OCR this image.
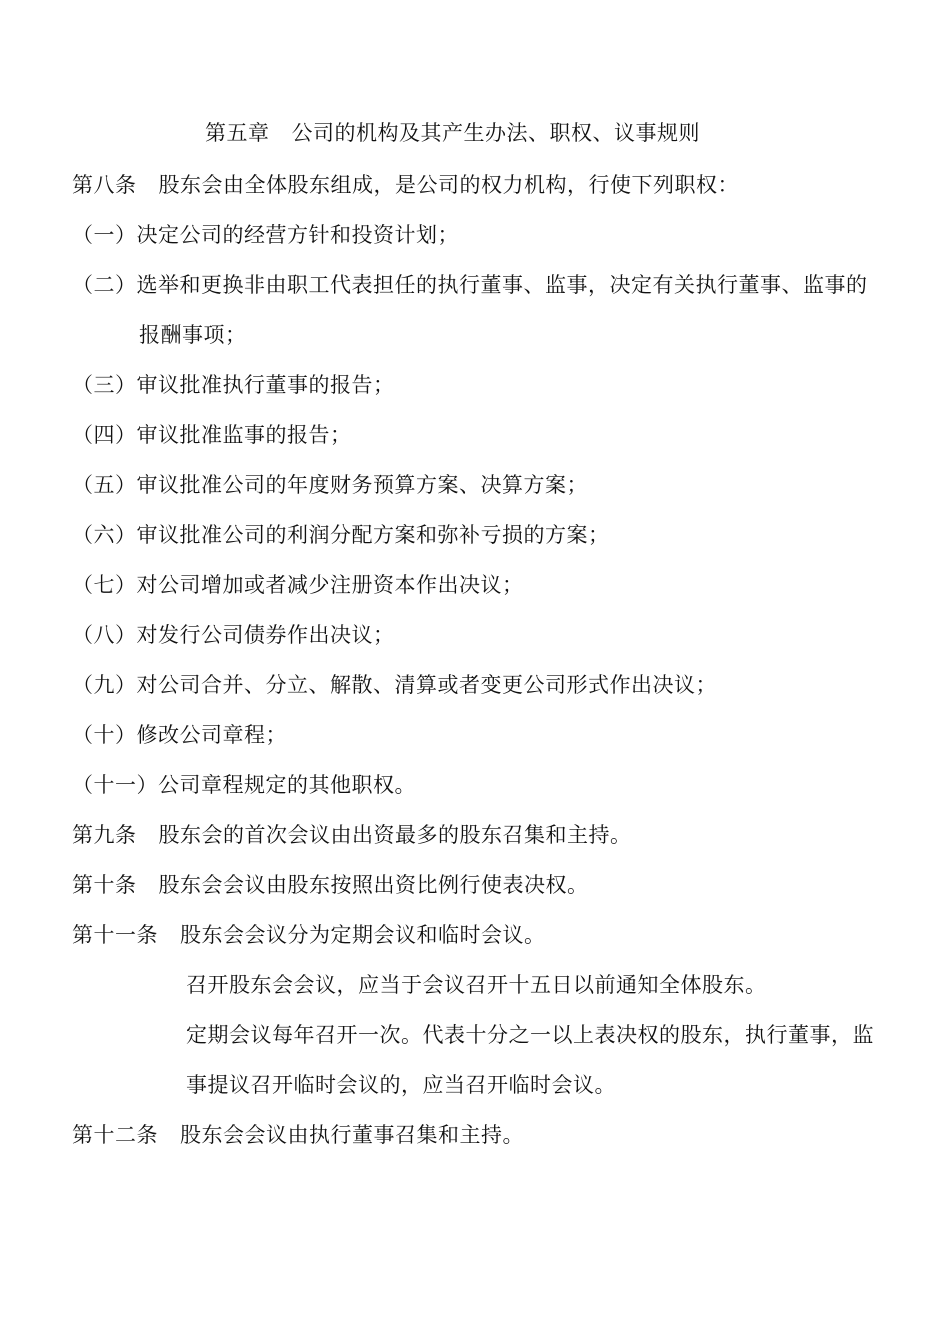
第五章 公司的机构及其产生办法、职权、议事规则
第八条 股东会由全体股东组成，是公司的权力机构，行使下列职权：
（一）决定公司的经营方针和投资计划；
（二）选举和更换非由职工代表担任的执行董事、监事，决定有关执行董事、监事的
报酬事项；
（三）审议批准执行董事的报告；
（四）审议批准监事的报告；
（五）审议批准公司的年度财务预算方案、决算方案；
（六）审议批准公司的利润分配方案和弥补亏损的方案；
（七）对公司增加或者减少注册资本作出决议；
（八）对发行公司债券作出决议；
（九）对公司合并、分立、解散、清算或者变更公司形式作出决议；
（十）修改公司章程；
（十一）公司章程规定的其他职权。
第九条 股东会的首次会议由出资最多的股东召集和主持。
第十条 股东会会议由股东按照出资比例行使表决权。
第十一条 股东会会议分为定期会议和临时会议。
召开股东会会议，应当于会议召开十五日以前通知全体股东。
定期会议每年召开一次。代表十分之一以上表决权的股东，执行董事，监
事提议召开临时会议的，应当召开临时会议。
第十二条 股东会会议由执行董事召集和主持。
